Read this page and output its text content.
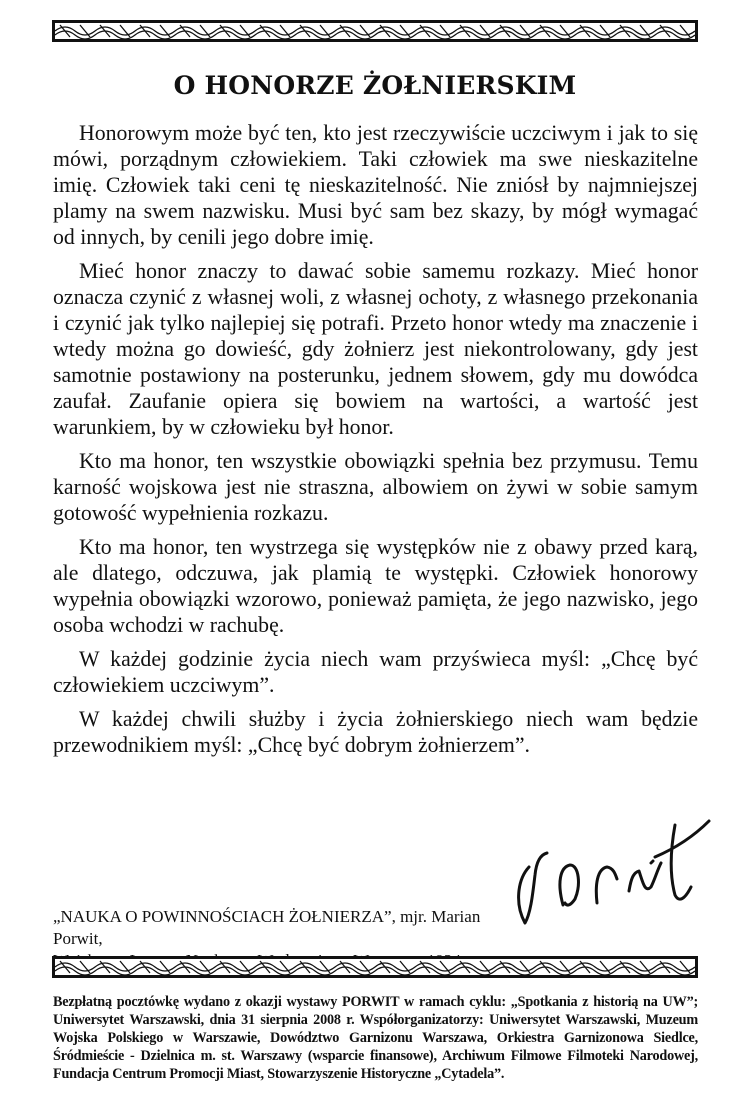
O HONORZE ŻOŁNIERSKIM

Honorowym może być ten, kto jest rzeczywiście uczciwym i jak to się mówi, porządnym człowiekiem. Taki człowiek ma swe nieskazitelne imię. Człowiek taki ceni tę nieskazitelność. Nie zniósł by najmniejszej plamy na swem nazwisku. Musi być sam bez skazy, by mógł wymagać od innych, by cenili jego dobre imię.

Mieć honor znaczy to dawać sobie samemu rozkazy. Mieć honor oznacza czynić z własnej woli, z własnej ochoty, z własnego przekonania i czynić jak tylko najlepiej się potrafi. Przeto honor wtedy ma znaczenie i wtedy można go dowieść, gdy żołnierz jest niekontrolowany, gdy jest samotnie postawiony na posterunku, jednem słowem, gdy mu dowódca zaufał. Zaufanie opiera się bowiem na wartości, a wartość jest warunkiem, by w człowieku był honor.

Kto ma honor, ten wszystkie obowiązki spełnia bez przymusu. Temu karność wojskowa jest nie straszna, albowiem on żywi w sobie samym gotowość wypełnienia rozkazu.

Kto ma honor, ten wystrzega się występków nie z obawy przed karą, ale dlatego, odczuwa, jak plamią te występki. Człowiek honorowy wypełnia obowiązki wzorowo, ponieważ pamięta, że jego nazwisko, jego osoba wchodzi w rachubę.

W każdej godzinie życia niech wam przyświeca myśl: „Chcę być człowiekiem uczciwym”.

W każdej chwili służby i życia żołnierskiego niech wam będzie przewodnikiem myśl: „Chcę być dobrym żołnierzem”.

„NAUKA O POWINNOŚCIACH ŻOŁNIERZA”, mjr. Marian Porwit,
Bezpłatną pocztówkę wydano z okazji wystawy PORWIT w ramach cyklu: „Spotkania z historią na UW”; Uniwersytet Warszawski, dnia 31 sierpnia 2008 r. Współorganizatorzy: Uniwersytet Warszawski, Muzeum Wojska Polskiego w Warszawie, Dowództwo Garnizonu Warszawa, Orkiestra Garnizonowa Siedlce, Śródmieście - Dzielnica m. st. Warszawy (wsparcie finansowe), Archiwum Filmowe Filmoteki Narodowej, Fundacja Centrum Promocji Miast, Stowarzyszenie Historyczne „Cytadela”.
